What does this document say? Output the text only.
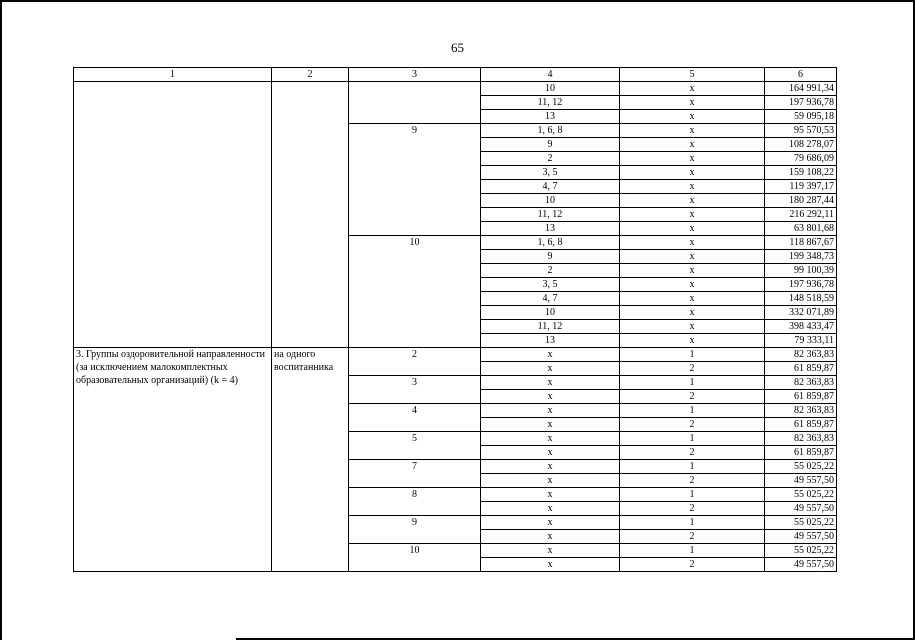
65
1	2	3	4	5	6
			10	х	164 991,34
			11, 12	х	197 936,78
			13	х	59 095,18
		9	1, 6, 8	х	95 570,53
			9	х	108 278,07
			2	х	79 686,09
			3, 5	х	159 108,22
			4, 7	х	119 397,17
			10	х	180 287,44
			11, 12	х	216 292,11
			13	х	63 801,68
		10	1, 6, 8	х	118 867,67
			9	х	199 348,73
			2	х	99 100,39
			3, 5	х	197 936,78
			4, 7	х	148 518,59
			10	х	332 071,89
			11, 12	х	398 433,47
			13	х	79 333,11
3. Группы оздоровительной направленности (за исключением малокомплектных образовательных организаций) (k = 4)	на одного воспитанника	2	х	1	82 363,83
			х	2	61 859,87
		3	х	1	82 363,83
			х	2	61 859,87
		4	х	1	82 363,83
			х	2	61 859,87
		5	х	1	82 363,83
			х	2	61 859,87
		7	х	1	55 025,22
			х	2	49 557,50
		8	х	1	55 025,22
			х	2	49 557,50
		9	х	1	55 025,22
			х	2	49 557,50
		10	х	1	55 025,22
			х	2	49 557,50
